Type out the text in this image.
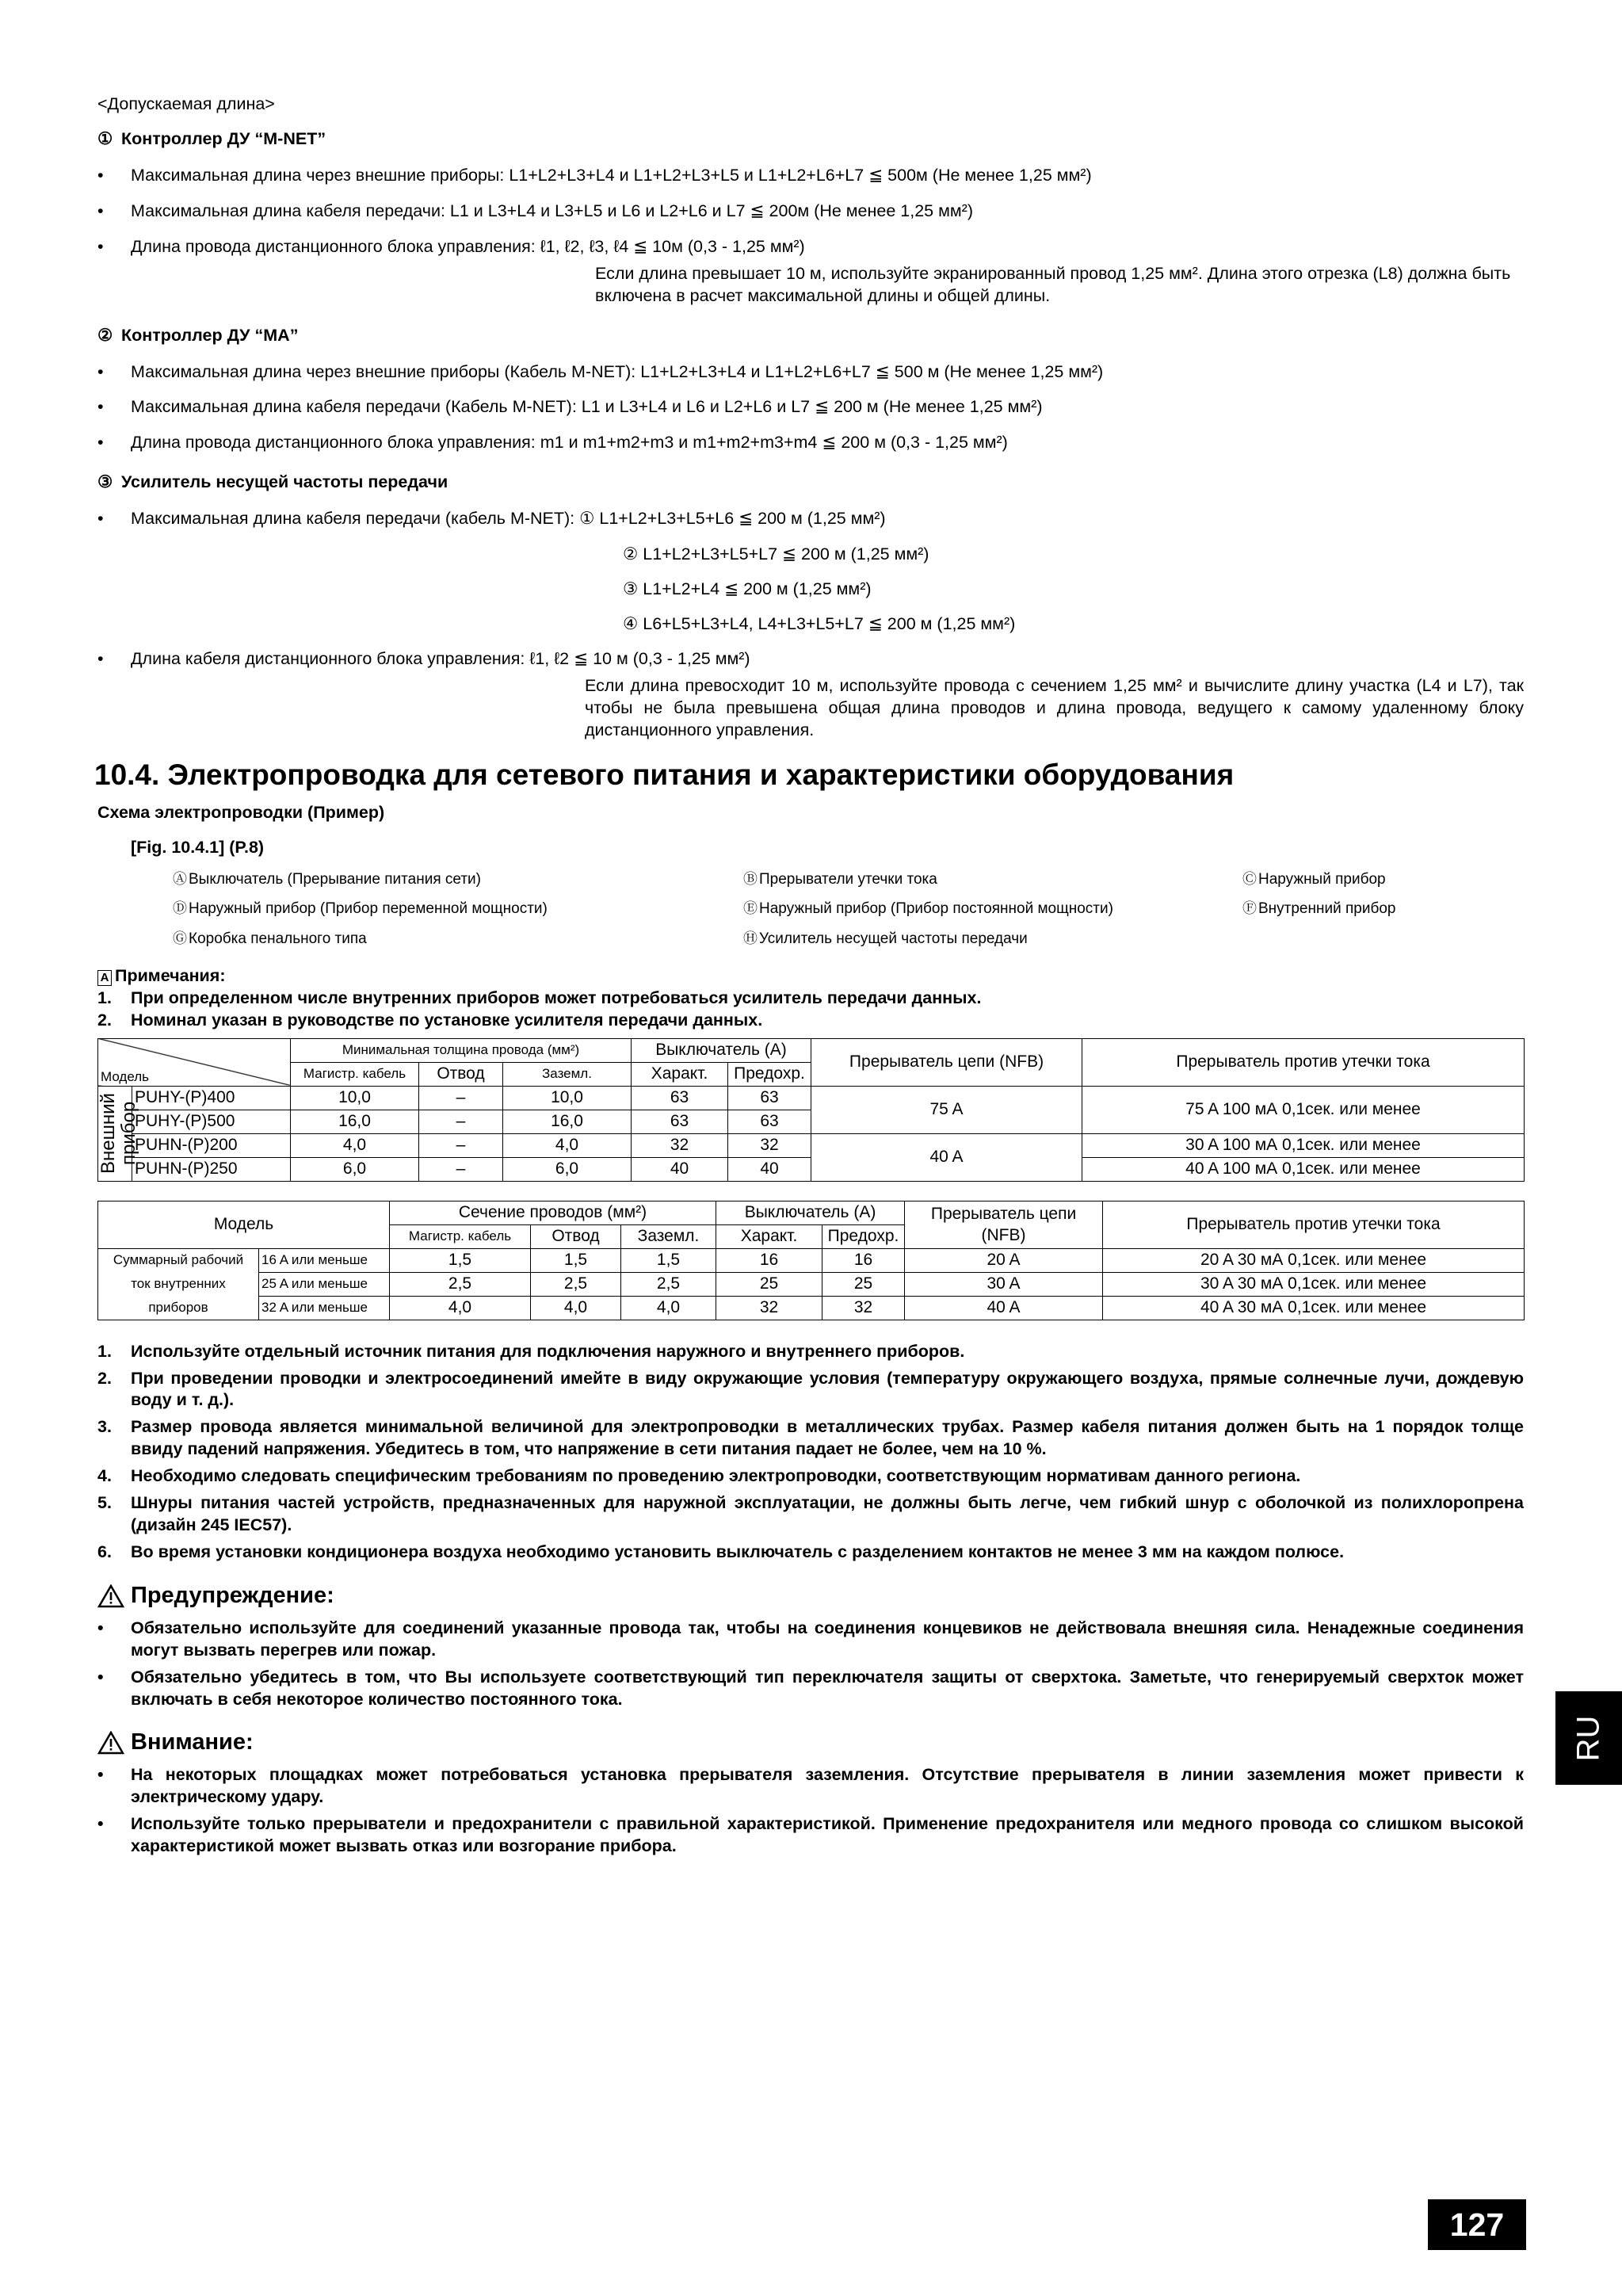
<Допускаемая длина>
① Контроллер ДУ “M-NET”
•	Максимальная длина через внешние приборы: L1+L2+L3+L4 и L1+L2+L3+L5 и L1+L2+L6+L7 ≦ 500м (Не менее 1,25 мм²)
•	Максимальная длина кабеля передачи: L1 и L3+L4 и L3+L5 и L6 и L2+L6 и L7 ≦ 200м (Не менее 1,25 мм²)
•	Длина провода дистанционного блока управления: ℓ1, ℓ2, ℓ3, ℓ4 ≦ 10м (0,3 - 1,25 мм²)
Если длина превышает 10 м, используйте экранированный провод 1,25 мм². Длина этого отрезка (L8) должна быть включена в расчет максимальной длины и общей длины.
② Контроллер ДУ “MA”
•	Максимальная длина через внешние приборы (Кабель M-NET): L1+L2+L3+L4 и L1+L2+L6+L7 ≦ 500 м (Не менее 1,25 мм²)
•	Максимальная длина кабеля передачи (Кабель M-NET): L1 и L3+L4 и L6 и L2+L6 и L7 ≦ 200 м (Не менее 1,25 мм²)
•	Длина провода дистанционного блока управления: m1 и m1+m2+m3 и m1+m2+m3+m4 ≦ 200 м (0,3 - 1,25 мм²)
③ Усилитель несущей частоты передачи
•	Максимальная длина кабеля передачи (кабель M-NET): ① L1+L2+L3+L5+L6 ≦ 200 м (1,25 мм²)
② L1+L2+L3+L5+L7 ≦ 200 м (1,25 мм²)
③ L1+L2+L4 ≦ 200 м (1,25 мм²)
④ L6+L5+L3+L4, L4+L3+L5+L7 ≦ 200 м (1,25 мм²)
•	Длина кабеля дистанционного блока управления: ℓ1, ℓ2 ≦ 10 м (0,3 - 1,25 мм²)
Если длина превосходит 10 м, используйте провода с сечением 1,25 мм² и вычислите длину участка (L4 и L7), так чтобы не была превышена общая длина проводов и длина провода, ведущего к самому удаленному блоку дистанционного управления.
10.4. Электропроводка для сетевого питания и характеристики оборудования
Схема электропроводки (Пример)
[Fig. 10.4.1] (P.8)
Ⓐ Выключатель (Прерывание питания сети)	Ⓑ Прерыватели утечки тока	Ⓒ Наружный прибор
Ⓓ Наружный прибор (Прибор переменной мощности)	Ⓔ Наружный прибор (Прибор постоянной мощности)	Ⓕ Внутренний прибор
Ⓖ Коробка пенального типа	Ⓗ Усилитель несущей частоты передачи
A Примечания:
1.	При определенном числе внутренних приборов может потребоваться усилитель передачи данных.
2.	Номинал указан в руководстве по установке усилителя передачи данных.
Модель		Минимальная толщина провода (мм²)			Выключатель (А)		Прерыватель цепи (NFB)	Прерыватель против утечки тока
		Магистр. кабель	Отвод	Заземл.	Характ.	Предохр.		

Внешний прибор	PUHY-(P)400	10,0	–	10,0	63	63	75 A	75 A 100 мА 0,1сек. или менее
	PUHY-(P)500	16,0	–	16,0	63	63		
	PUHN-(P)200	4,0	–	4,0	32	32	40 A	30 A 100 мА 0,1сек. или менее
	PUHN-(P)250	6,0	–	6,0	40	40		40 A 100 мА 0,1сек. или менее
Модель		Сечение проводов (мм²)			Выключатель (А)		Прерыватель цепи (NFB)	Прерыватель против утечки тока
		Магистр. кабель	Отвод	Заземл.	Характ.	Предохр.		
Суммарный рабочий	16 A или меньше	1,5	1,5	1,5	16	16	20 A	20 A 30 мА 0,1сек. или менее
ток внутренних	25 A или меньше	2,5	2,5	2,5	25	25	30 A	30 A 30 мА 0,1сек. или менее
приборов	32 A или меньше	4,0	4,0	4,0	32	32	40 A	40 A 30 мА 0,1сек. или менее

1.	Используйте отдельный источник питания для подключения наружного и внутреннего приборов.

2.	При проведении проводки и электросоединений имейте в виду окружающие условия (температуру окружающего воздуха, прямые солнечные лучи, дождевую воду и т. д.).

3.	Размер провода является минимальной величиной для электропроводки в металлических трубах. Размер кабеля питания должен быть на 1 порядок толще ввиду падений напряжения. Убедитесь в том, что напряжение в сети питания падает не более, чем на 10 %.

4.	Необходимо следовать специфическим требованиям по проведению электропроводки, соответствующим нормативам данного региона.

5.	Шнуры питания частей устройств, предназначенных для наружной эксплуатации, не должны быть легче, чем гибкий шнур с оболочкой из полихлоропрена (дизайн 245 IEC57).

6.	Во время установки кондиционера воздуха необходимо установить выключатель с разделением контактов не менее 3 мм на каждом полюсе.

Предупреждение:
•	Обязательно используйте для соединений указанные провода так, чтобы на соединения концевиков не действовала внешняя сила. Ненадежные соединения могут вызвать перегрев или пожар.
•	Обязательно убедитесь в том, что Вы используете соответствующий тип переключателя защиты от сверхтока. Заметьте, что генерируемый сверхток может включать в себя некоторое количество постоянного тока.
Внимание:
•	На некоторых площадках может потребоваться установка прерывателя заземления. Отсутствие прерывателя в линии заземления может привести к электрическому удару.
•	Используйте только прерыватели и предохранители с правильной характеристикой. Применение предохранителя или медного провода со слишком высокой характеристикой может вызвать отказ или возгорание прибора.
RU
127
